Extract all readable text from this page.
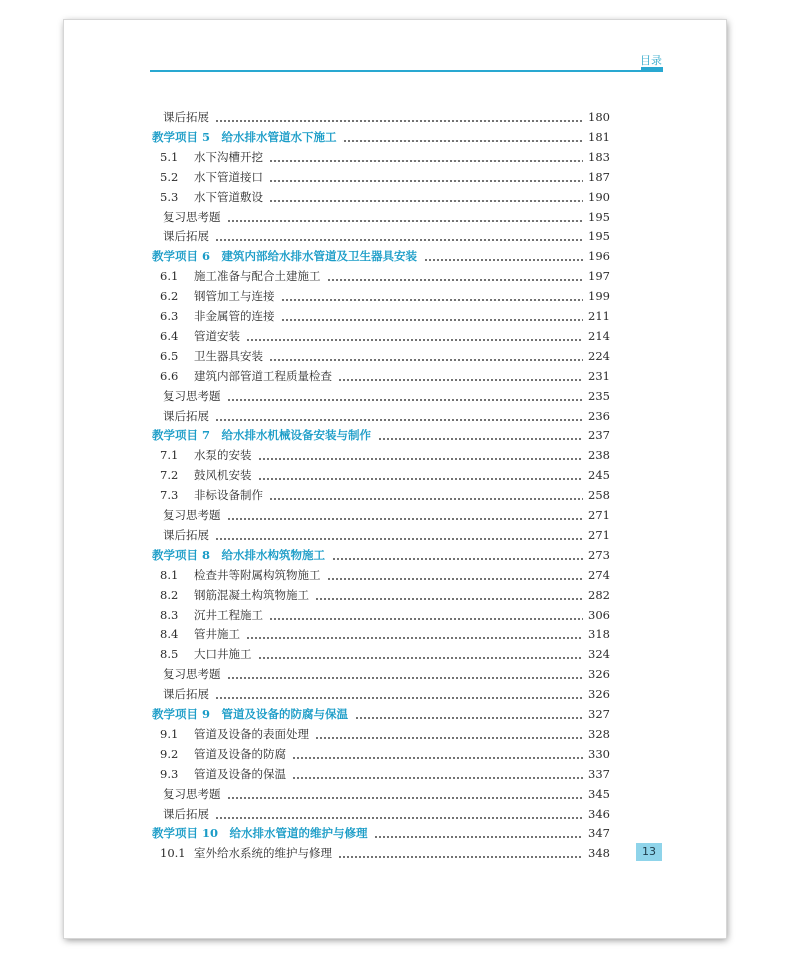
目录
课后拓展	180
教学项目 5　给水排水管道水下施工	181
5.1 水下沟槽开挖	183
5.2 水下管道接口	187
5.3 水下管道敷设	190
复习思考题	195
课后拓展	195
教学项目 6　建筑内部给水排水管道及卫生器具安装	196
6.1 施工准备与配合土建施工	197
6.2 钢管加工与连接	199
6.3 非金属管的连接	211
6.4 管道安装	214
6.5 卫生器具安装	224
6.6 建筑内部管道工程质量检查	231
复习思考题	235
课后拓展	236
教学项目 7　给水排水机械设备安装与制作	237
7.1 水泵的安装	238
7.2 鼓风机安装	245
7.3 非标设备制作	258
复习思考题	271
课后拓展	271
教学项目 8　给水排水构筑物施工	273
8.1 检查井等附属构筑物施工	274
8.2 钢筋混凝土构筑物施工	282
8.3 沉井工程施工	306
8.4 管井施工	318
8.5 大口井施工	324
复习思考题	326
课后拓展	326
教学项目 9　管道及设备的防腐与保温	327
9.1 管道及设备的表面处理	328
9.2 管道及设备的防腐	330
9.3 管道及设备的保温	337
复习思考题	345
课后拓展	346
教学项目 10　给水排水管道的维护与修理	347
10.1 室外给水系统的维护与修理	348	13
